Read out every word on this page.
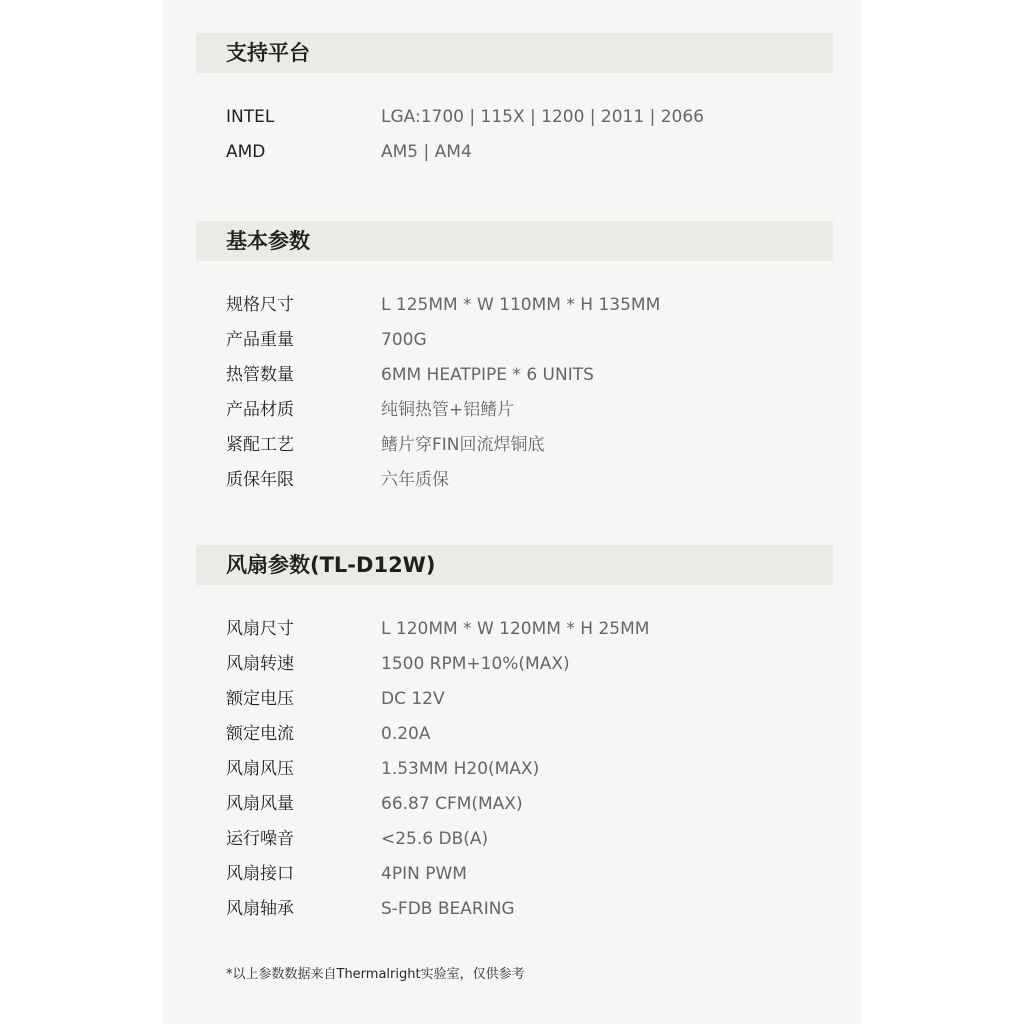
支持平台
INTEL	LGA:1700 | 115X | 1200 | 2011 | 2066
AMD	AM5 | AM4
基本参数
规格尺寸	L 125MM * W 110MM * H 135MM
产品重量	700G
热管数量	6MM HEATPIPE * 6 UNITS
产品材质	纯铜热管+铝鳍片
紧配工艺	鳍片穿FIN回流焊铜底
质保年限	六年质保
风扇参数(TL-D12W)
风扇尺寸	L 120MM * W 120MM * H 25MM
风扇转速	1500 RPM+10%(MAX)
额定电压	DC 12V
额定电流	0.20A
风扇风压	1.53MM H20(MAX)
风扇风量	66.87 CFM(MAX)
运行噪音	<25.6 DB(A)
风扇接口	4PIN PWM
风扇轴承	S-FDB BEARING
*以上参数数据来自Thermalright实验室，仅供参考
